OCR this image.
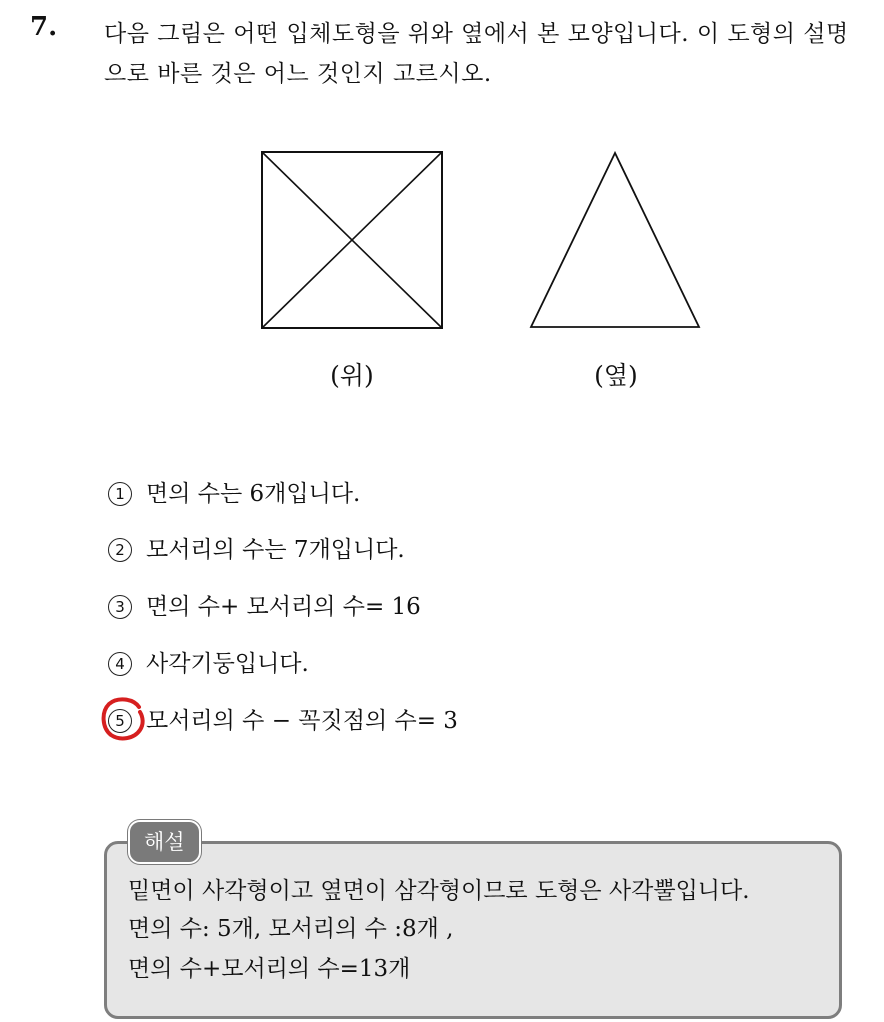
7. 다음 그림은 어떤 입체도형을 위와 옆에서 본 모양입니다. 이 도형의 설명으로 바른 것은 어느 것인지 고르시오.
(위)	(옆)
1 면의 수는 6개입니다.
2 모서리의 수는 7개입니다.
3 면의 수+ 모서리의 수= 16
4 사각기둥입니다.
5 모서리의 수 − 꼭짓점의 수= 3
해설
밑면이 사각형이고 옆면이 삼각형이므로 도형은 사각뿔입니다.
면의 수: 5개, 모서리의 수 :8개 ,
면의 수+모서리의 수=13개
